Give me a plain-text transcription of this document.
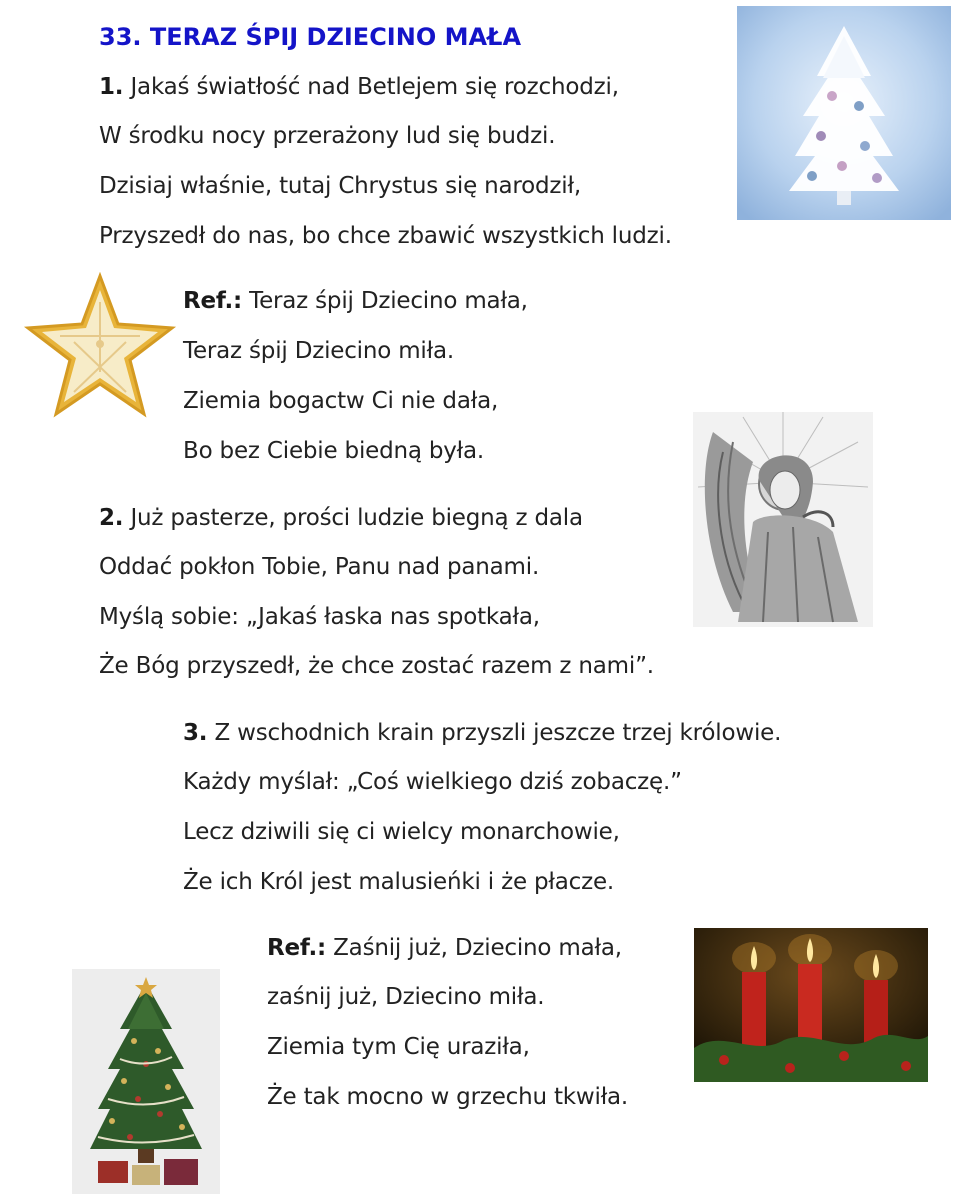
33. TERAZ ŚPIJ DZIECINO MAŁA
1. Jakaś światłość nad Betlejem się rozchodzi,
W środku nocy przerażony lud się budzi.
Dzisiaj właśnie, tutaj Chrystus się narodził,
Przyszedł do nas, bo chce zbawić wszystkich ludzi.
Ref.: Teraz śpij Dziecino mała,
Teraz śpij Dziecino miła.
Ziemia bogactw Ci nie dała,
Bo bez Ciebie biedną była.
2. Już pasterze, prości ludzie biegną z dala
Oddać pokłon Tobie, Panu nad panami.
Myślą sobie: „Jakaś łaska nas spotkała,
Że Bóg przyszedł, że chce zostać razem z nami”.
3. Z wschodnich krain przyszli jeszcze trzej królowie.
Każdy myślał: „Coś wielkiego dziś zobaczę.”
Lecz dziwili się ci wielcy monarchowie,
Że ich Król jest malusieńki i że płacze.
Ref.: Zaśnij już, Dziecino mała,
zaśnij już, Dziecino miła.
Ziemia tym Cię uraziła,
Że tak mocno w grzechu tkwiła.
